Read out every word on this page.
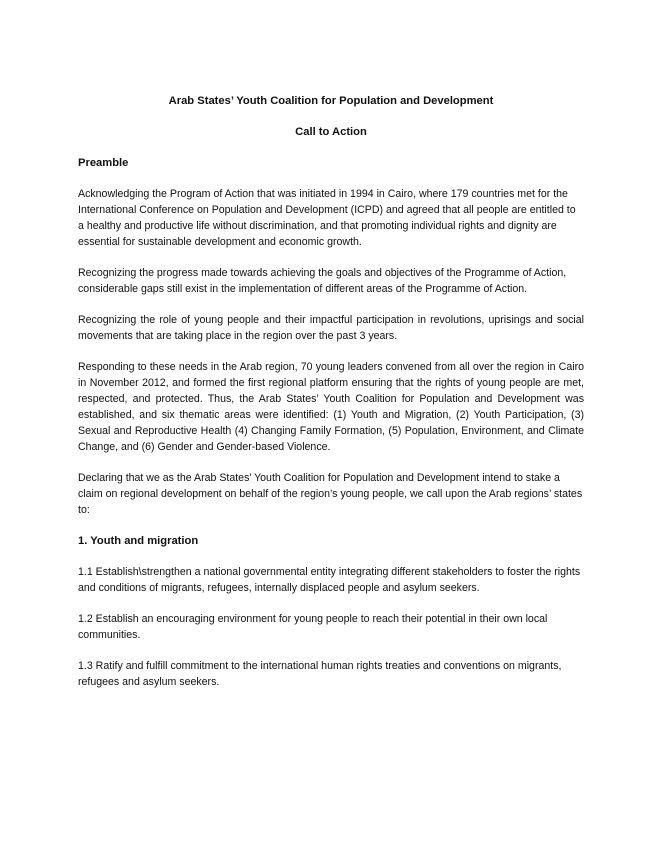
Arab States’ Youth Coalition for Population and Development

Call to Action

Preamble

Acknowledging the Program of Action that was initiated in 1994 in Cairo, where 179 countries met for the International Conference on Population and Development (ICPD) and agreed that all people are entitled to a healthy and productive life without discrimination, and that promoting individual rights and dignity are essential for sustainable development and economic growth.

Recognizing the progress made towards achieving the goals and objectives of the Programme of Action, considerable gaps still exist in the implementation of different areas of the Programme of Action.

Recognizing the role of young people and their impactful participation in revolutions, uprisings and social movements that are taking place in the region over the past 3 years.

Responding to these needs in the Arab region, 70 young leaders convened from all over the region in Cairo in November 2012, and formed the first regional platform ensuring that the rights of young people are met, respected, and protected. Thus, the Arab States’ Youth Coalition for Population and Development was established, and six thematic areas were identified: (1) Youth and Migration, (2) Youth Participation, (3) Sexual and Reproductive Health (4) Changing Family Formation, (5) Population, Environment, and Climate Change, and (6) Gender and Gender-based Violence.

Declaring that we as the Arab States’ Youth Coalition for Population and Development intend to stake a claim on regional development on behalf of the region’s young people, we call upon the Arab regions’ states to:

1. Youth and migration

1.1 Establish\strengthen a national governmental entity integrating different stakeholders to foster the rights and conditions of migrants, refugees, internally displaced people and asylum seekers.

1.2 Establish an encouraging environment for young people to reach their potential in their own local communities.

1.3 Ratify and fulfill commitment to the international human rights treaties and conventions on migrants, refugees and asylum seekers.
